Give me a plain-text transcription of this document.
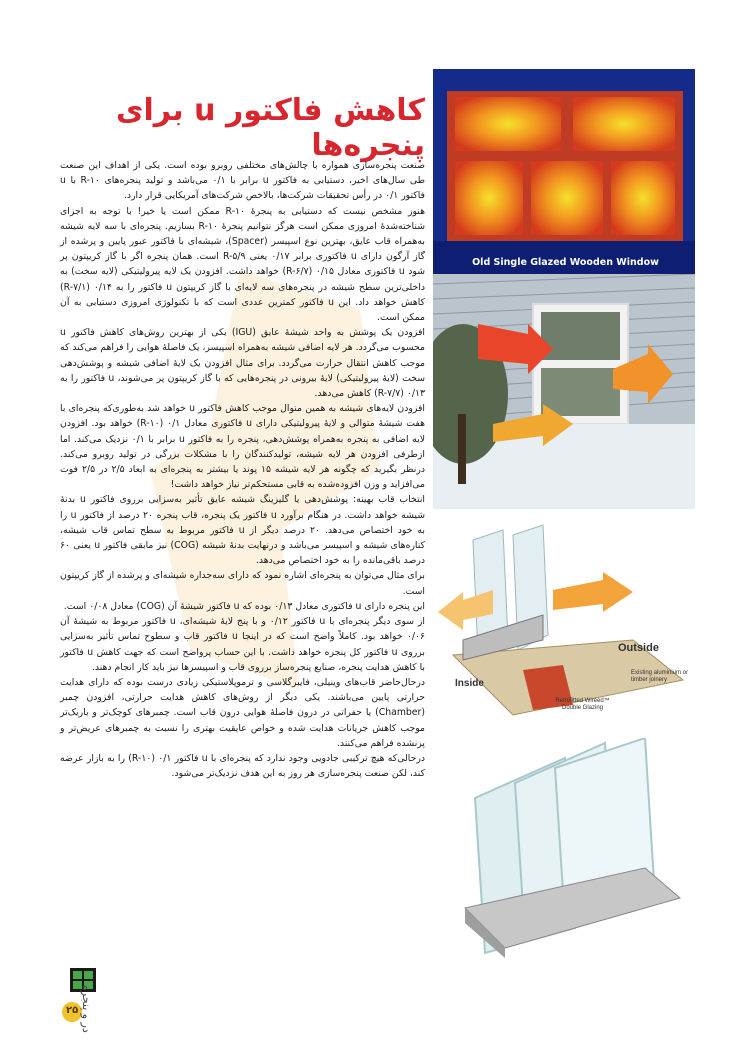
کاهش فاکتور u برای پنجره‌ها

صنعت پنجره‌سازی همواره با چالش‌های مختلفی روبرو بوده است. یکی از اهداف این صنعت طی سال‌های اخیر، دستیابی به فاکتور u برابر با ۰/۱ می‌باشد و تولید پنجره‌های R-۱۰ با u فاکتور ۰/۱ در رأس تحقیقات شرکت‌ها، بالاخص شرکت‌های آمریکایی قرار دارد.

هنوز مشخص نیست که دستیابی به پنجرهٔ R-۱۰ ممکن است یا خیر! با توجه به اجزای شناخته‌شدهٔ امروزی ممکن است هرگز نتوانیم پنجرهٔ R-۱۰ بسازیم. پنجره‌ای با سه لایه شیشه به‌همراه قاب عایق، بهترین نوع اسپیسر (Spacer)، شیشه‌ای با فاکتور عبور پایین و پرشده از گاز آرگون دارای u فاکتوری برابر ۰/۱۷ یعنی R-۵/۹ است. همان پنجره اگر با گاز کریپتون پر شود u فاکتوری معادل ۰/۱۵ (R-۶/۷) خواهد داشت. افزودن یک لایه پیرولیتیکی (لایه سخت) به داخلی‌ترین سطح شیشه در پنجره‌های سه لایه‌ای با گاز کریپتون u فاکتور را به ۰/۱۴ (R-۷/۱) کاهش خواهد داد. این u فاکتور کمترین عددی است که با تکنولوژی امروزی دستیابی به آن ممکن است.

افزودن یک پوشش به واحد شیشهٔ عایق (IGU) یکی از بهترین روش‌های کاهش فاکتور u محسوب می‌گردد. هر لایه اضافی شیشه به‌همراه اسپیسر، یک فاصلهٔ هوایی را فراهم می‌کند که موجب کاهش انتقال حرارت می‌گردد. برای مثال افزودن یک لایهٔ اضافی شیشه و پوشش‌دهی سخت (لایهٔ پیرولیتیکی) لایهٔ بیرونی در پنجره‌هایی که با گاز کریپتون پر می‌شوند، u فاکتور را به ۰/۱۳ (R-۷/۷) کاهش می‌دهد.

افزودن لایه‌های شیشه به همین منوال موجب کاهش فاکتور u خواهد شد به‌طوری‌که پنجره‌ای با هفت شیشهٔ متوالی و لایهٔ پیرولیتیکی دارای u فاکتوری معادل ۰/۱ (R-۱۰) خواهد بود. افزودن لایه اضافی به پنجره به‌همراه پوشش‌دهی، پنجره را به فاکتور u برابر با ۰/۱ نزدیک می‌کند. اما ازطرفی افزودن هر لایه شیشه، تولیدکنندگان را با مشکلات بزرگی در تولید روبرو می‌کند. درنظر بگیرید که چگونه هر لایه شیشه ۱۵ پوند یا بیشتر به پنجره‌ای به ابعاد ۲/۵ در ۲/۵ فوت می‌افزاید و وزن افزوده‌شده به قابی مستحکم‌تر نیاز خواهد داشت!

انتخاب قاب بهینه: پوشش‌دهی یا گلیزینگ شیشه عایق تأثیر به‌سزایی برروی فاکتور u بدنهٔ شیشه خواهد داشت. در هنگام برآورد u فاکتور یک پنجره، قاب پنجره ۲۰ درصد از فاکتور u را به خود اختصاص می‌دهد. ۲۰ درصد دیگر از u فاکتور مربوط به سطح تماس قاب شیشه، کناره‌های شیشه و اسپیسر می‌باشد و درنهایت بدنهٔ شیشه (COG) نیز مابقی فاکتور u یعنی ۶۰ درصد باقی‌مانده را به خود اختصاص می‌دهد.

برای مثال می‌توان به پنجره‌ای اشاره نمود که دارای سه‌جداره شیشه‌ای و پرشده از گاز کریپتون است.

این پنجره دارای u فاکتوری معادل ۰/۱۳ بوده که u فاکتور شیشهٔ آن (COG) معادل ۰/۰۸ است.

از سوی دیگر پنجره‌ای با u فاکتور ۰/۱۲ و با پنج لایهٔ شیشه‌ای، u فاکتور مربوط به شیشهٔ آن ۰/۰۶ خواهد بود. کاملاً واضح است که در اینجا u فاکتور قاب و سطوح تماس تأثیر به‌سزایی برروی u فاکتور کل پنجره خواهد داشت. با این حساب پرواضح است که جهت کاهش u فاکتور با کاهش هدایت پنجره، صنایع پنجره‌ساز برروی قاب و اسپیسرها نیز باید کار انجام دهند.

درحال‌حاضر قاب‌های وینیلی، فایبرگلاسی و ترموپلاستیکی زیادی درست بوده که دارای هدایت حرارتی پایین می‌باشند. یکی دیگر از روش‌های کاهش هدایت حرارتی، افزودن چمبر (Chamber) یا حفراتی در درون فاصلهٔ هوایی درون قاب است. چمبرهای کوچک‌تر و باریک‌تر موجب کاهش جریانات هدایت شده و خواص عایقیت بهتری را نسبت به چمبرهای عریض‌تر و پرنشده فراهم می‌کنند.

درحالی‌که هیچ ترکیبی جادویی وجود ندارد که پنجره‌ای با u فاکتور ۰/۱ (R-۱۰) را به بازار عرضه کند، لکن صنعت پنجره‌سازی هر روز به این هدف نزدیک‌تر می‌شود.

Old Single Glazed Wooden Window
Outside
Inside
Existing aluminium or timber joinery
Retrofitted Wireed™ Double Glazing
۲۵ در و پنجره
